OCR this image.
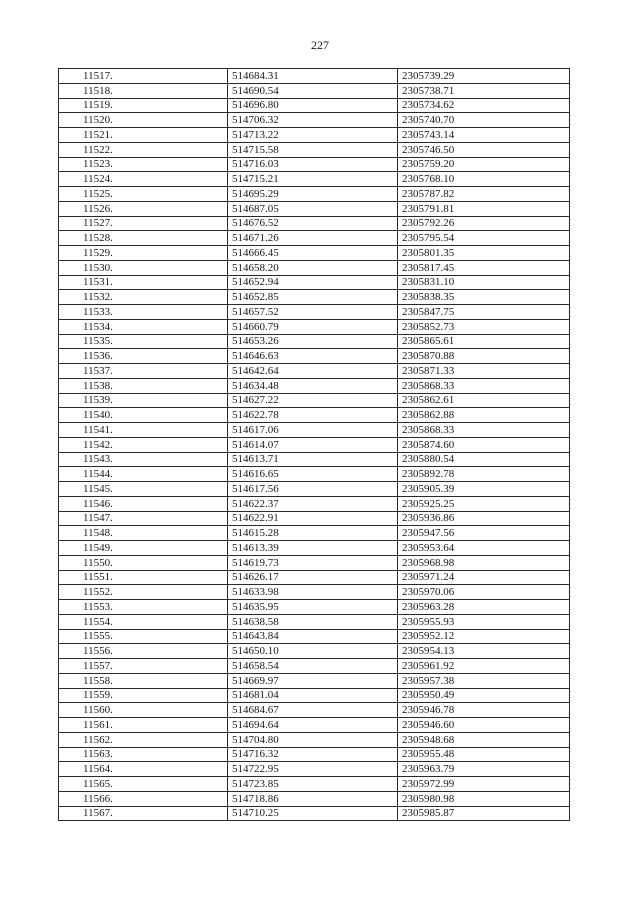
227
11517.	514684.31	2305739.29
11518.	514690.54	2305738.71
11519.	514696.80	2305734.62
11520.	514706.32	2305740.70
11521.	514713.22	2305743.14
11522.	514715.58	2305746.50
11523.	514716.03	2305759.20
11524.	514715.21	2305768.10
11525.	514695.29	2305787.82
11526.	514687.05	2305791.81
11527.	514676.52	2305792.26
11528.	514671.26	2305795.54
11529.	514666.45	2305801.35
11530.	514658.20	2305817.45
11531.	514652.94	2305831.10
11532.	514652.85	2305838.35
11533.	514657.52	2305847.75
11534.	514660.79	2305852.73
11535.	514653.26	2305865.61
11536.	514646.63	2305870.88
11537.	514642.64	2305871.33
11538.	514634.48	2305868.33
11539.	514627.22	2305862.61
11540.	514622.78	2305862.88
11541.	514617.06	2305868.33
11542.	514614.07	2305874.60
11543.	514613.71	2305880.54
11544.	514616.65	2305892.78
11545.	514617.56	2305905.39
11546.	514622.37	2305925.25
11547.	514622.91	2305936.86
11548.	514615.28	2305947.56
11549.	514613.39	2305953.64
11550.	514619.73	2305968.98
11551.	514626.17	2305971.24
11552.	514633.98	2305970.06
11553.	514635.95	2305963.28
11554.	514638.58	2305955.93
11555.	514643.84	2305952.12
11556.	514650.10	2305954.13
11557.	514658.54	2305961.92
11558.	514669.97	2305957.38
11559.	514681.04	2305950.49
11560.	514684.67	2305946.78
11561.	514694.64	2305946.60
11562.	514704.80	2305948.68
11563.	514716.32	2305955.48
11564.	514722.95	2305963.79
11565.	514723.85	2305972.99
11566.	514718.86	2305980.98
11567.	514710.25	2305985.87
